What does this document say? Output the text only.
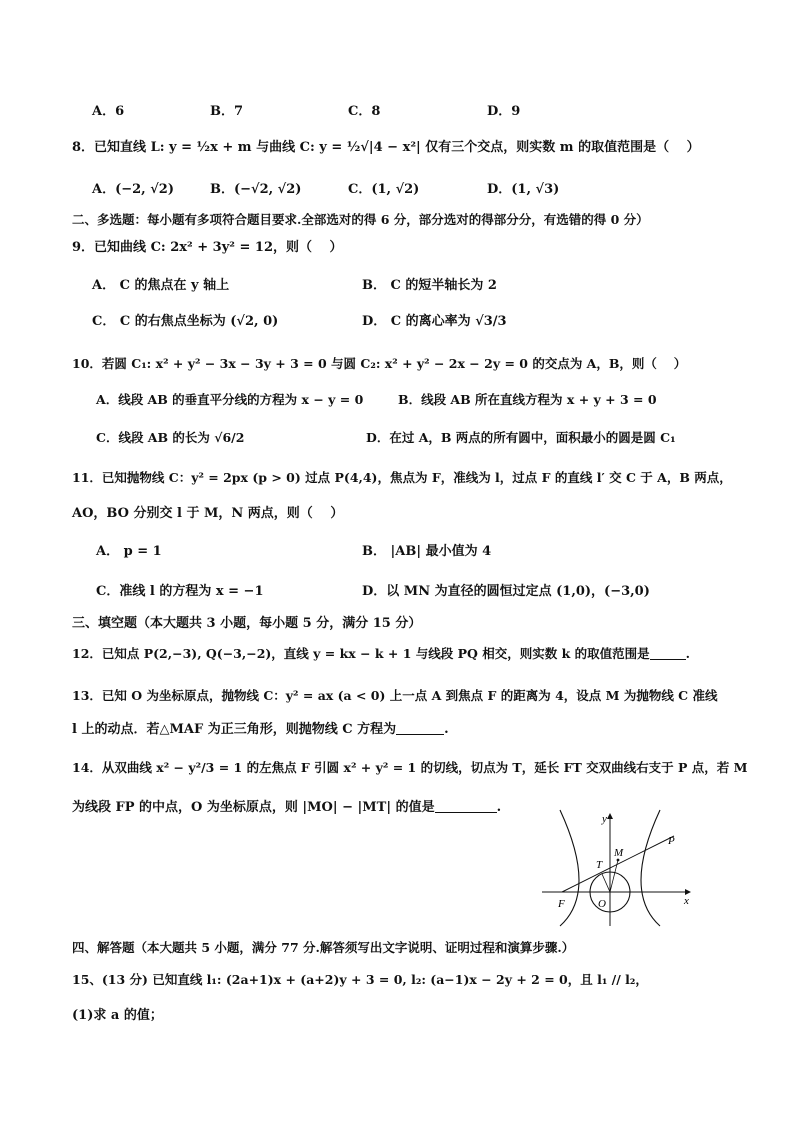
A．6	B．7	C．8	D．9
8．已知直线 L: y = ½x + m 与曲线 C: y = ½√|4 − x²| 仅有三个交点，则实数 m 的取值范围是（　 ）
A．(−2, √2)	B．(−√2, √2)	C．(1, √2)	D．(1, √3)
二、多选题：每小题有多项符合题目要求.全部选对的得 6 分，部分选对的得部分分，有选错的得 0 分）
9．已知曲线 C: 2x² + 3y² = 12，则（　 ）
A． C 的焦点在 y 轴上	B． C 的短半轴长为 2
C． C 的右焦点坐标为 (√2, 0)	D． C 的离心率为 √3/3
10．若圆 C₁: x² + y² − 3x − 3y + 3 = 0 与圆 C₂: x² + y² − 2x − 2y = 0 的交点为 A，B，则（　 ）
A．线段 AB 的垂直平分线的方程为 x − y = 0	B．线段 AB 所在直线方程为 x + y + 3 = 0
C．线段 AB 的长为 √6/2	D．在过 A，B 两点的所有圆中，面积最小的圆是圆 C₁
11．已知抛物线 C：y² = 2px (p > 0) 过点 P(4,4)，焦点为 F，准线为 l，过点 F 的直线 l′ 交 C 于 A，B 两点，
AO，BO 分别交 l 于 M，N 两点，则（　 ）
A． p = 1	B． |AB| 最小值为 4
C．准线 l 的方程为 x = −1	D．以 MN 为直径的圆恒过定点 (1,0)，(−3,0)
三、填空题（本大题共 3 小题，每小题 5 分，满分 15 分）
12．已知点 P(2,−3), Q(−3,−2)，直线 y = kx − k + 1 与线段 PQ 相交，则实数 k 的取值范围是	.
13．已知 O 为坐标原点，抛物线 C：y² = ax (a < 0) 上一点 A 到焦点 F 的距离为 4，设点 M 为抛物线 C 准线
l 上的动点．若△MAF 为正三角形，则抛物线 C 方程为	.
14．从双曲线 x² − y²/3 = 1 的左焦点 F 引圆 x² + y² = 1 的切线，切点为 T，延长 FT 交双曲线右支于 P 点，若 M
为线段 FP 的中点，O 为坐标原点，则 |MO| − |MT| 的值是	.
y
x
M
P
T
F	O
四、解答题（本大题共 5 小题，满分 77 分.解答须写出文字说明、证明过程和演算步骤.）
15、(13 分) 已知直线 l₁: (2a+1)x + (a+2)y + 3 = 0, l₂: (a−1)x − 2y + 2 = 0，且 l₁ // l₂，
(1)求 a 的值；
